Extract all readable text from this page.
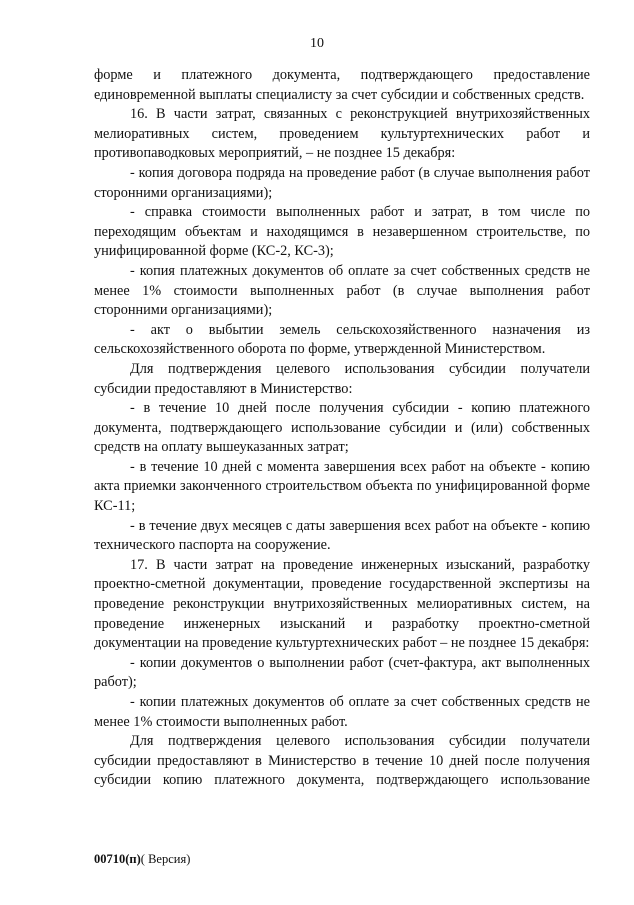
10

форме и платежного документа, подтверждающего предоставление единовременной выплаты специалисту за счет субсидии и собственных средств.

16. В части затрат, связанных с реконструкцией внутрихозяйственных мелиоративных систем, проведением культуртехнических работ и противопаводковых мероприятий, – не позднее 15 декабря:

- копия договора подряда на проведение работ (в случае выполнения работ сторонними организациями);

- справка стоимости выполненных работ и затрат, в том числе по переходящим объектам и находящимся в незавершенном строительстве, по унифицированной форме (КС-2, КС-3);

- копия платежных документов об оплате за счет собственных средств не менее 1% стоимости выполненных работ (в случае выполнения работ сторонними организациями);

- акт о выбытии земель сельскохозяйственного назначения из сельскохозяйственного оборота по форме, утвержденной Министерством.

Для подтверждения целевого использования субсидии получатели субсидии предоставляют в Министерство:

- в течение 10 дней после получения субсидии - копию платежного документа, подтверждающего использование субсидии и (или) собственных средств на оплату вышеуказанных затрат;

- в течение 10 дней с момента завершения всех работ на объекте - копию акта приемки законченного строительством объекта по унифицированной форме КС-11;

- в течение двух месяцев с даты завершения всех работ на объекте - копию технического паспорта на сооружение.

17. В части затрат на проведение инженерных изысканий, разработку проектно-сметной документации, проведение государственной экспертизы на проведение реконструкции внутрихозяйственных мелиоративных систем, на проведение инженерных изысканий и разработку проектно-сметной документации на проведение культуртехнических работ – не позднее 15 декабря:

- копии документов о выполнении работ (счет-фактура, акт выполненных работ);

- копии платежных документов об оплате за счет собственных средств не менее 1% стоимости выполненных работ.

Для подтверждения целевого использования субсидии получатели субсидии предоставляют в Министерство в течение 10 дней после получения субсидии копию платежного документа, подтверждающего использование

00710(п)( Версия)
